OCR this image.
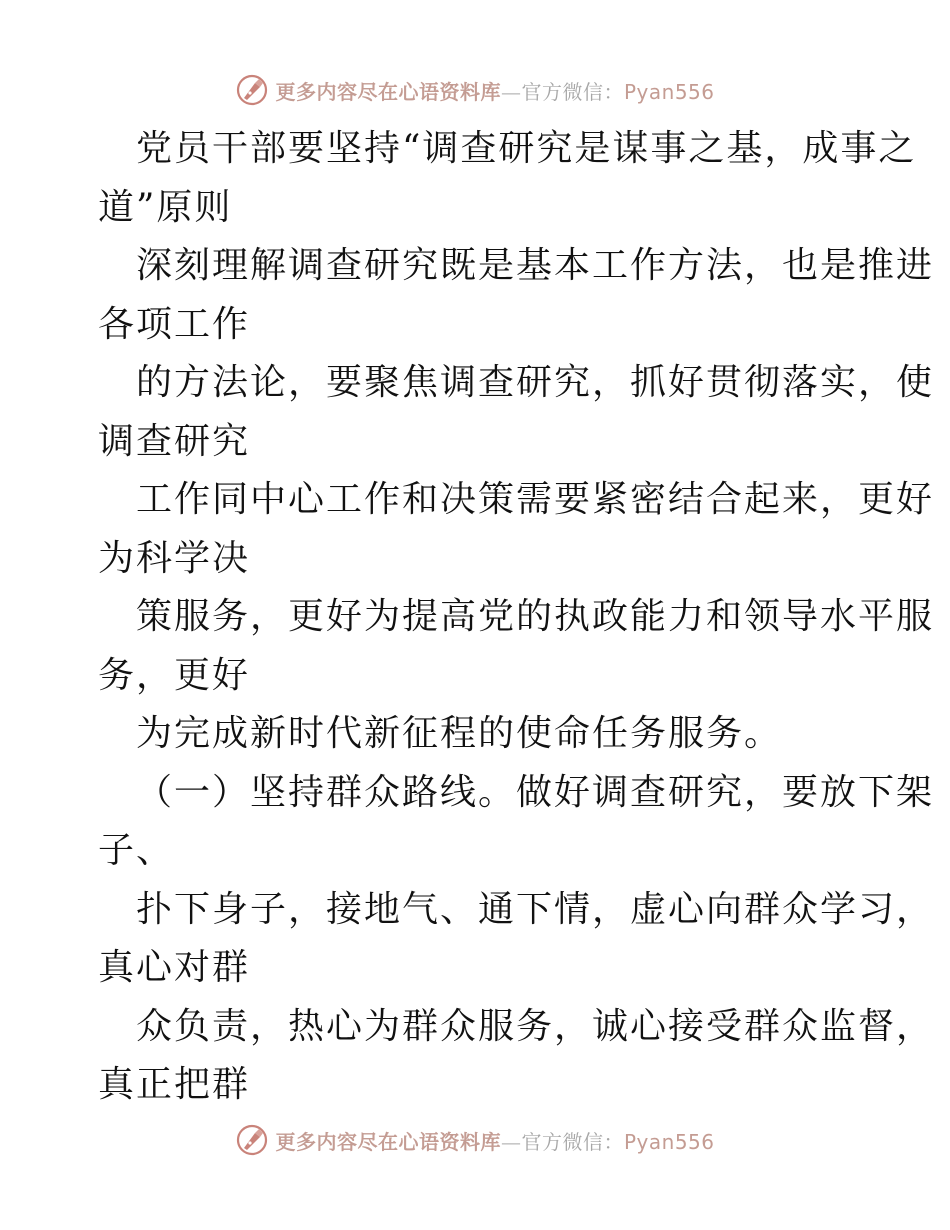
更多内容尽在心语资料库—官方微信：Pyan556
党员干部要坚持“调查研究是谋事之基，成事之
道”原则
深刻理解调查研究既是基本工作方法，也是推进
各项工作
的方法论，要聚焦调查研究，抓好贯彻落实，使
调查研究
工作同中心工作和决策需要紧密结合起来，更好
为科学决
策服务，更好为提高党的执政能力和领导水平服
务，更好
为完成新时代新征程的使命任务服务。
（一）坚持群众路线。做好调查研究，要放下架
子、
扑下身子，接地气、通下情，虚心向群众学习，
真心对群
众负责，热心为群众服务，诚心接受群众监督，
真正把群
更多内容尽在心语资料库—官方微信：Pyan556
